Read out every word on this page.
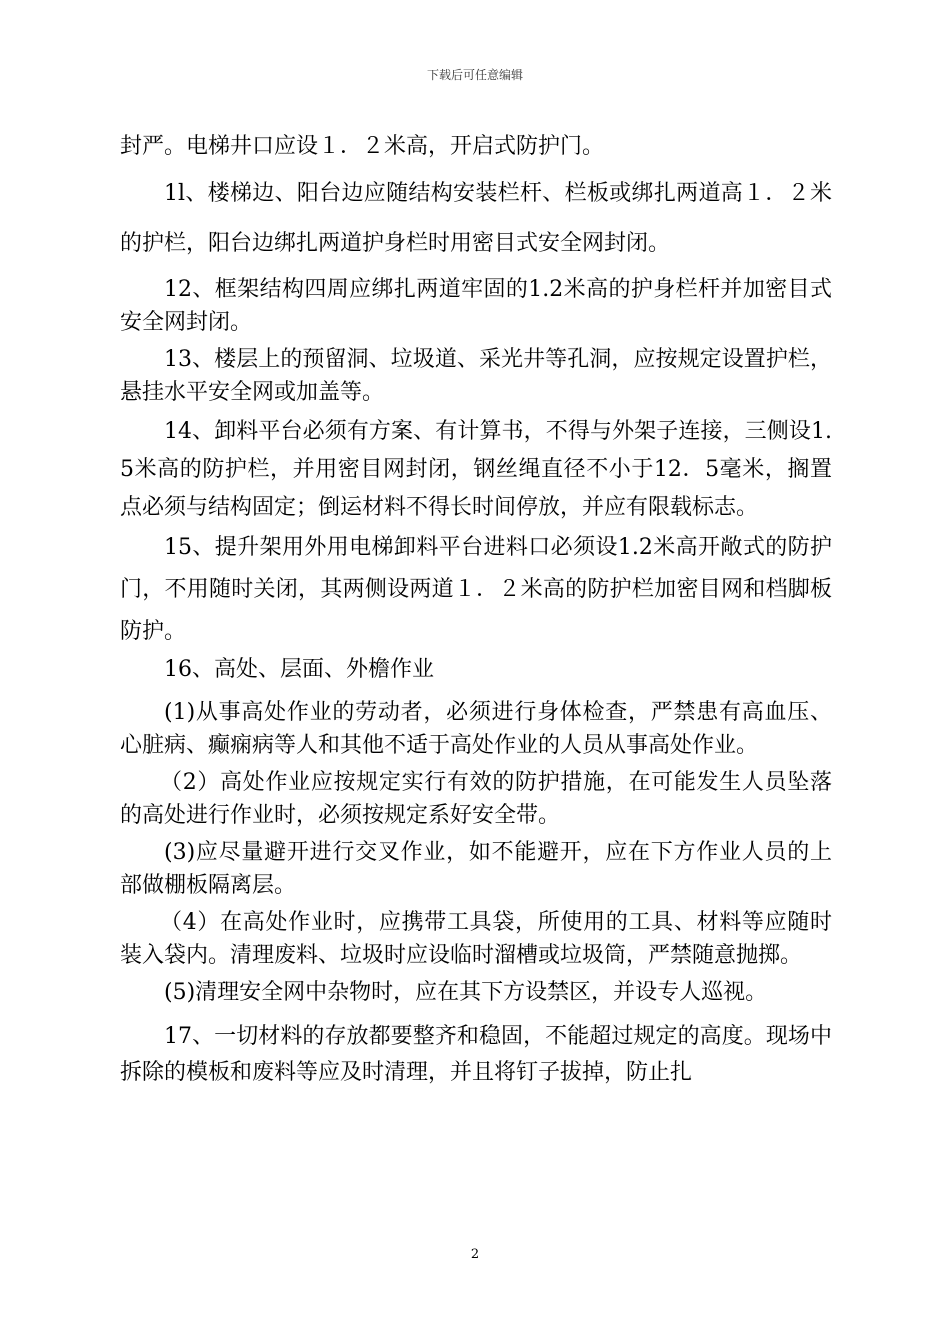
下载后可任意编辑

封严。电梯井口应设１．２米高，开启式防护门。

1l、楼梯边、阳台边应随结构安装栏杆、栏板或绑扎两道高１．２米的护栏，阳台边绑扎两道护身栏时用密目式安全网封闭。

12、框架结构四周应绑扎两道牢固的1.2米高的护身栏杆并加密目式安全网封闭。

13、楼层上的预留洞、垃圾道、采光井等孔洞，应按规定设置护栏，悬挂水平安全网或加盖等。

14、卸料平台必须有方案、有计算书，不得与外架子连接，三侧设1.5米高的防护栏，并用密目网封闭，钢丝绳直径不小于12．5毫米，搁置点必须与结构固定；倒运材料不得长时间停放，并应有限载标志。

15、提升架用外用电梯卸料平台进料口必须设1.2米高开敞式的防护门，不用随时关闭，其两侧设两道１．２米高的防护栏加密目网和档脚板防护。

16、高处、层面、外檐作业

(1)从事高处作业的劳动者，必须进行身体检查，严禁患有高血压、心脏病、癫痫病等人和其他不适于高处作业的人员从事高处作业。

（2）高处作业应按规定实行有效的防护措施，在可能发生人员坠落的高处进行作业时，必须按规定系好安全带。

(3)应尽量避开进行交叉作业，如不能避开，应在下方作业人员的上部做棚板隔离层。

（4）在高处作业时，应携带工具袋，所使用的工具、材料等应随时装入袋内。清理废料、垃圾时应设临时溜槽或垃圾筒，严禁随意抛掷。

(5)清理安全网中杂物时，应在其下方设禁区，并设专人巡视。

17、一切材料的存放都要整齐和稳固，不能超过规定的高度。现场中拆除的模板和废料等应及时清理，并且将钉子拔掉，防止扎

2
